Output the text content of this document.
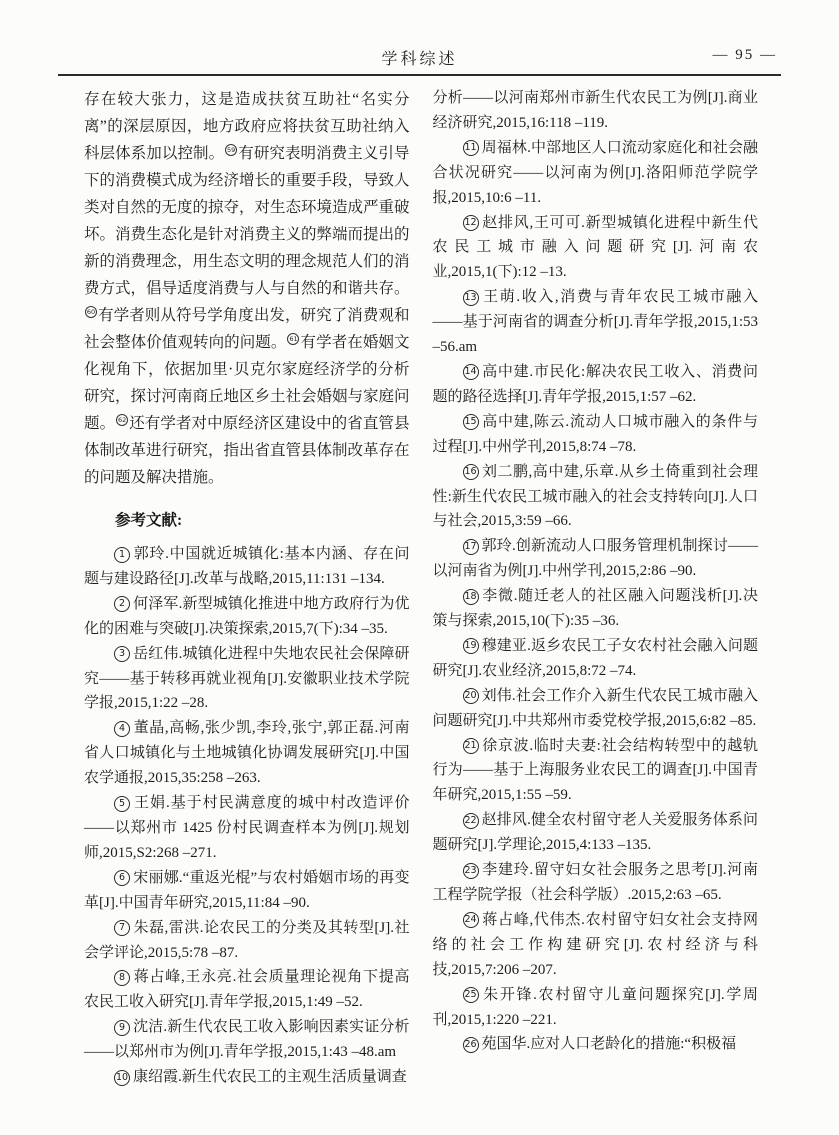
学科综述	— 95 —

存在较大张力，这是造成扶贫互助社“名实分离”的深层原因，地方政府应将扶贫互助社纳入科层体系加以控制。 59 有研究表明消费主义引导下的消费模式成为经济增长的重要手段，导致人类对自然的无度的掠夺，对生态环境造成严重破坏。消费生态化是针对消费主义的弊端而提出的新的消费理念，用生态文明的理念规范人们的消费方式，倡导适度消费与人与自然的和谐共存。60 有学者则从符号学角度出发，研究了消费观和社会整体价值观转向的问题。 61 有学者在婚姻文化视角下，依据加里·贝克尔家庭经济学的分析研究，探讨河南商丘地区乡土社会婚姻与家庭问题。 62 还有学者对中原经济区建设中的省直管县体制改革进行研究，指出省直管县体制改革存在的问题及解决措施。

参考文献:

1 郭玲.中国就近城镇化:基本内涵、存在问题与建设路径[J].改革与战略,2015,11:131 –134.

2 何泽军.新型城镇化推进中地方政府行为优化的困难与突破[J].决策探索,2015,7(下):34 –35.

3 岳红伟.城镇化进程中失地农民社会保障研究——基于转移再就业视角[J].安徽职业技术学院学报,2015,1:22 –28.

4 董晶,高畅,张少凯,李玲,张宁,郭正磊.河南省人口城镇化与土地城镇化协调发展研究[J].中国农学通报,2015,35:258 –263.

5 王娟.基于村民满意度的城中村改造评价——以郑州市 1425 份村民调查样本为例[J].规划师,2015,S2:268 –271.

6 宋丽娜.“重返光棍”与农村婚姻市场的再变革[J].中国青年研究,2015,11:84 –90.

7 朱磊,雷洪.论农民工的分类及其转型[J].社会学评论,2015,5:78 –87.

8 蒋占峰,王永亮.社会质量理论视角下提高农民工收入研究[J].青年学报,2015,1:49 –52.

9 沈洁.新生代农民工收入影响因素实证分析——以郑州市为例[J].青年学报,2015,1:43 –48.am

10 康绍霞.新生代农民工的主观生活质量调查

分析——以河南郑州市新生代农民工为例[J].商业经济研究,2015,16:118 –119.

11 周福林.中部地区人口流动家庭化和社会融合状况研究——以河南为例[J].洛阳师范学院学报,2015,10:6 –11.

12 赵排风,王可可.新型城镇化进程中新生代农民工城市融入问题研究[J].河南农业,2015,1(下):12 –13.

13 王萌.收入,消费与青年农民工城市融入——基于河南省的调查分析[J].青年学报,2015,1:53 –56.am

14 高中建.市民化:解决农民工收入、消费问题的路径选择[J].青年学报,2015,1:57 –62.

15 高中建,陈云.流动人口城市融入的条件与过程[J].中州学刊,2015,8:74 –78.

16 刘二鹏,高中建,乐章.从乡土倚重到社会理性:新生代农民工城市融入的社会支持转向[J].人口与社会,2015,3:59 –66.

17 郭玲.创新流动人口服务管理机制探讨——以河南省为例[J].中州学刊,2015,2:86 –90.

18 李微.随迁老人的社区融入问题浅析[J].决策与探索,2015,10(下):35 –36.

19 穆建亚.返乡农民工子女农村社会融入问题研究[J].农业经济,2015,8:72 –74.

20 刘伟.社会工作介入新生代农民工城市融入问题研究[J].中共郑州市委党校学报,2015,6:82 –85.

21 徐京波.临时夫妻:社会结构转型中的越轨行为——基于上海服务业农民工的调查[J].中国青年研究,2015,1:55 –59.

22 赵排风.健全农村留守老人关爱服务体系问题研究[J].学理论,2015,4:133 –135.

23 李建玲.留守妇女社会服务之思考[J].河南工程学院学报（社会科学版）.2015,2:63 –65.

24 蒋占峰,代伟杰.农村留守妇女社会支持网络的社会工作构建研究[J].农村经济与科技,2015,7:206 –207.

25 朱开锋.农村留守儿童问题探究[J].学周刊,2015,1:220 –221.

26 苑国华.应对人口老龄化的措施:“积极福
